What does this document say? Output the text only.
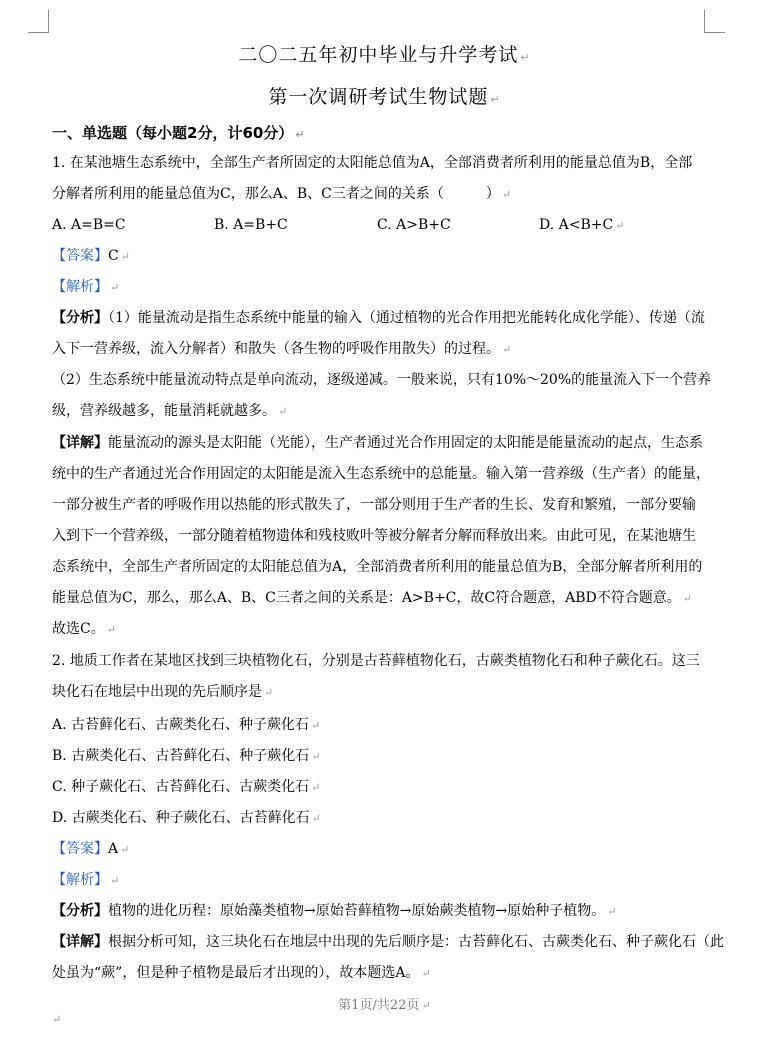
二〇二五年初中毕业与升学考试 ↵
第一次调研考试生物试题 ↵
一、单选题（每小题2分，计60分） ↵
1. 在某池塘生态系统中，全部生产者所固定的太阳能总值为A，全部消费者所利用的能量总值为B，全部
分解者所利用的能量总值为C，那么A、B、C三者之间的关系（　　　） ↵
A. A=B=C	B. A=B+C	C. A>B+C	D. A<B+C ↵
【答案】C ↵
【解析】 ↵
【分析】（1）能量流动是指生态系统中能量的输入（通过植物的光合作用把光能转化成化学能）、传递（流
入下一营养级，流入分解者）和散失（各生物的呼吸作用散失）的过程。 ↵
（2）生态系统中能量流动特点是单向流动，逐级递减。一般来说，只有10%～20%的能量流入下一个营养
级，营养级越多，能量消耗就越多。 ↵
【详解】能量流动的源头是太阳能（光能），生产者通过光合作用固定的太阳能是能量流动的起点，生态系
统中的生产者通过光合作用固定的太阳能是流入生态系统中的总能量。输入第一营养级（生产者）的能量，
一部分被生产者的呼吸作用以热能的形式散失了，一部分则用于生产者的生长、发育和繁殖，一部分要输
入到下一个营养级，一部分随着植物遗体和残枝败叶等被分解者分解而释放出来。由此可见，在某池塘生
态系统中，全部生产者所固定的太阳能总值为A，全部消费者所利用的能量总值为B，全部分解者所利用的
能量总值为C，那么，那么A、B、C三者之间的关系是：A>B+C，故C符合题意，ABD不符合题意。 ↵
故选C。 ↵
2. 地质工作者在某地区找到三块植物化石，分别是古苔藓植物化石，古蕨类植物化石和种子蕨化石。这三
块化石在地层中出现的先后顺序是 ↵
A. 古苔藓化石、古蕨类化石、种子蕨化石 ↵
B. 古蕨类化石、古苔藓化石、种子蕨化石 ↵
C. 种子蕨化石、古苔藓化石、古蕨类化石 ↵
D. 古蕨类化石、种子蕨化石、古苔藓化石 ↵
【答案】A ↵
【解析】 ↵
【分析】植物的进化历程：原始藻类植物→原始苔藓植物→原始蕨类植物→原始种子植物。 ↵
【详解】根据分析可知，这三块化石在地层中出现的先后顺序是：古苔藓化石、古蕨类化石、种子蕨化石（此
处虽为“蕨”，但是种子植物是最后才出现的），故本题选A。 ↵
第1页/共22页 ↵
↵
